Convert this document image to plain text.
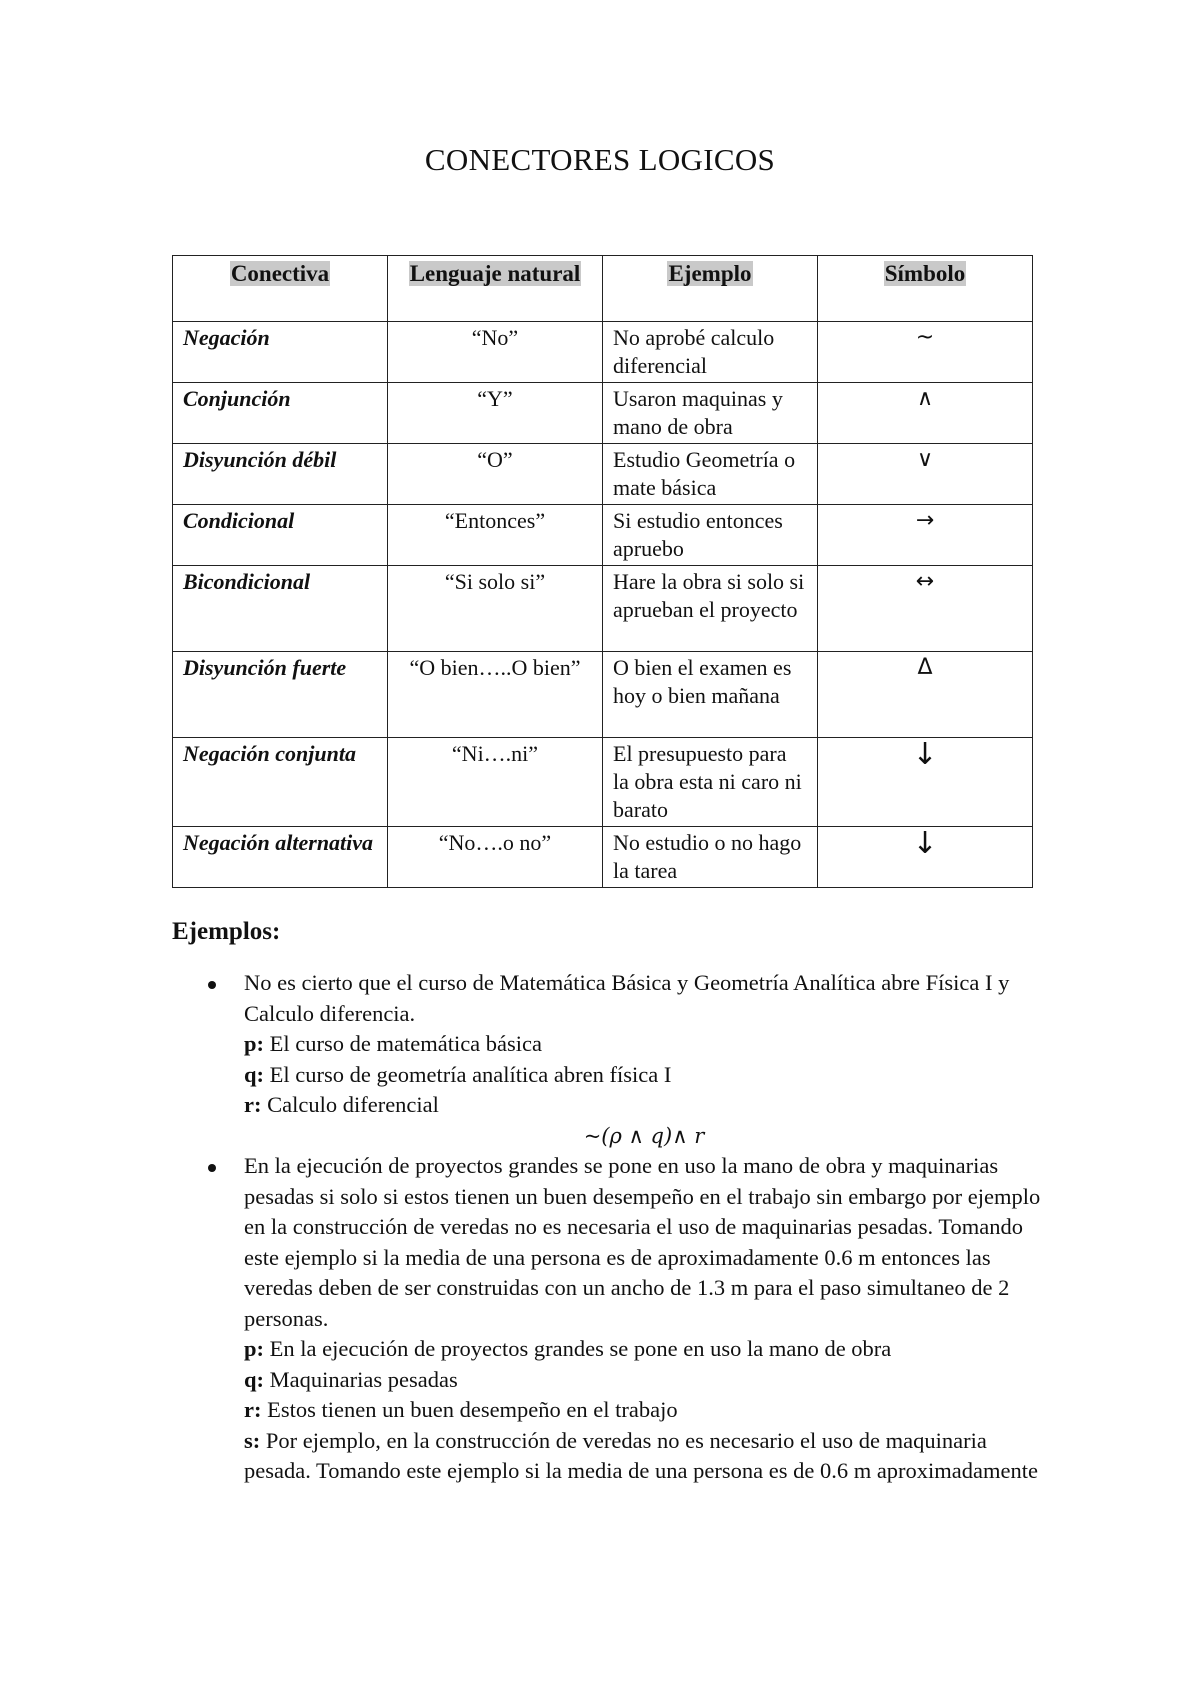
CONECTORES LOGICOS
Conectiva	Lenguaje natural	Ejemplo	Símbolo
Negación	“No”	No aprobé calculo diferencial	~
Conjunción	“Y”	Usaron maquinas y mano de obra	∧
Disyunción débil	“O”	Estudio Geometría o mate básica	∨
Condicional	“Entonces”	Si estudio entonces apruebo	→
Bicondicional	“Si solo si”	Hare la obra si solo si aprueban el proyecto	↔
Disyunción fuerte	“O bien…..O bien”	O bien el examen es hoy o bien mañana	Δ
Negación conjunta	“Ni….ni”	El presupuesto para la obra esta ni caro ni barato	↓
Negación alternativa	“No….o no”	No estudio o no hago la tarea	↓
Ejemplos:

No es cierto que el curso de Matemática Básica y Geometría Analítica abre Física I y Calculo diferencia.

p: El curso de matemática básica

q: El curso de geometría analítica abren física I

r: Calculo diferencial

~(ρ ∧ q)∧ r

En la ejecución de proyectos grandes se pone en uso la mano de obra y maquinarias pesadas si solo si estos tienen un buen desempeño en el trabajo sin embargo por ejemplo en la construcción de veredas no es necesaria el uso de maquinarias pesadas. Tomando este ejemplo si la media de una persona es de aproximadamente 0.6 m entonces las veredas deben de ser construidas con un ancho de 1.3 m para el paso simultaneo de 2 personas.

p: En la ejecución de proyectos grandes se pone en uso la mano de obra

q: Maquinarias pesadas

r: Estos tienen un buen desempeño en el trabajo

s: Por ejemplo, en la construcción de veredas no es necesario el uso de maquinaria pesada. Tomando este ejemplo si la media de una persona es de 0.6 m aproximadamente
